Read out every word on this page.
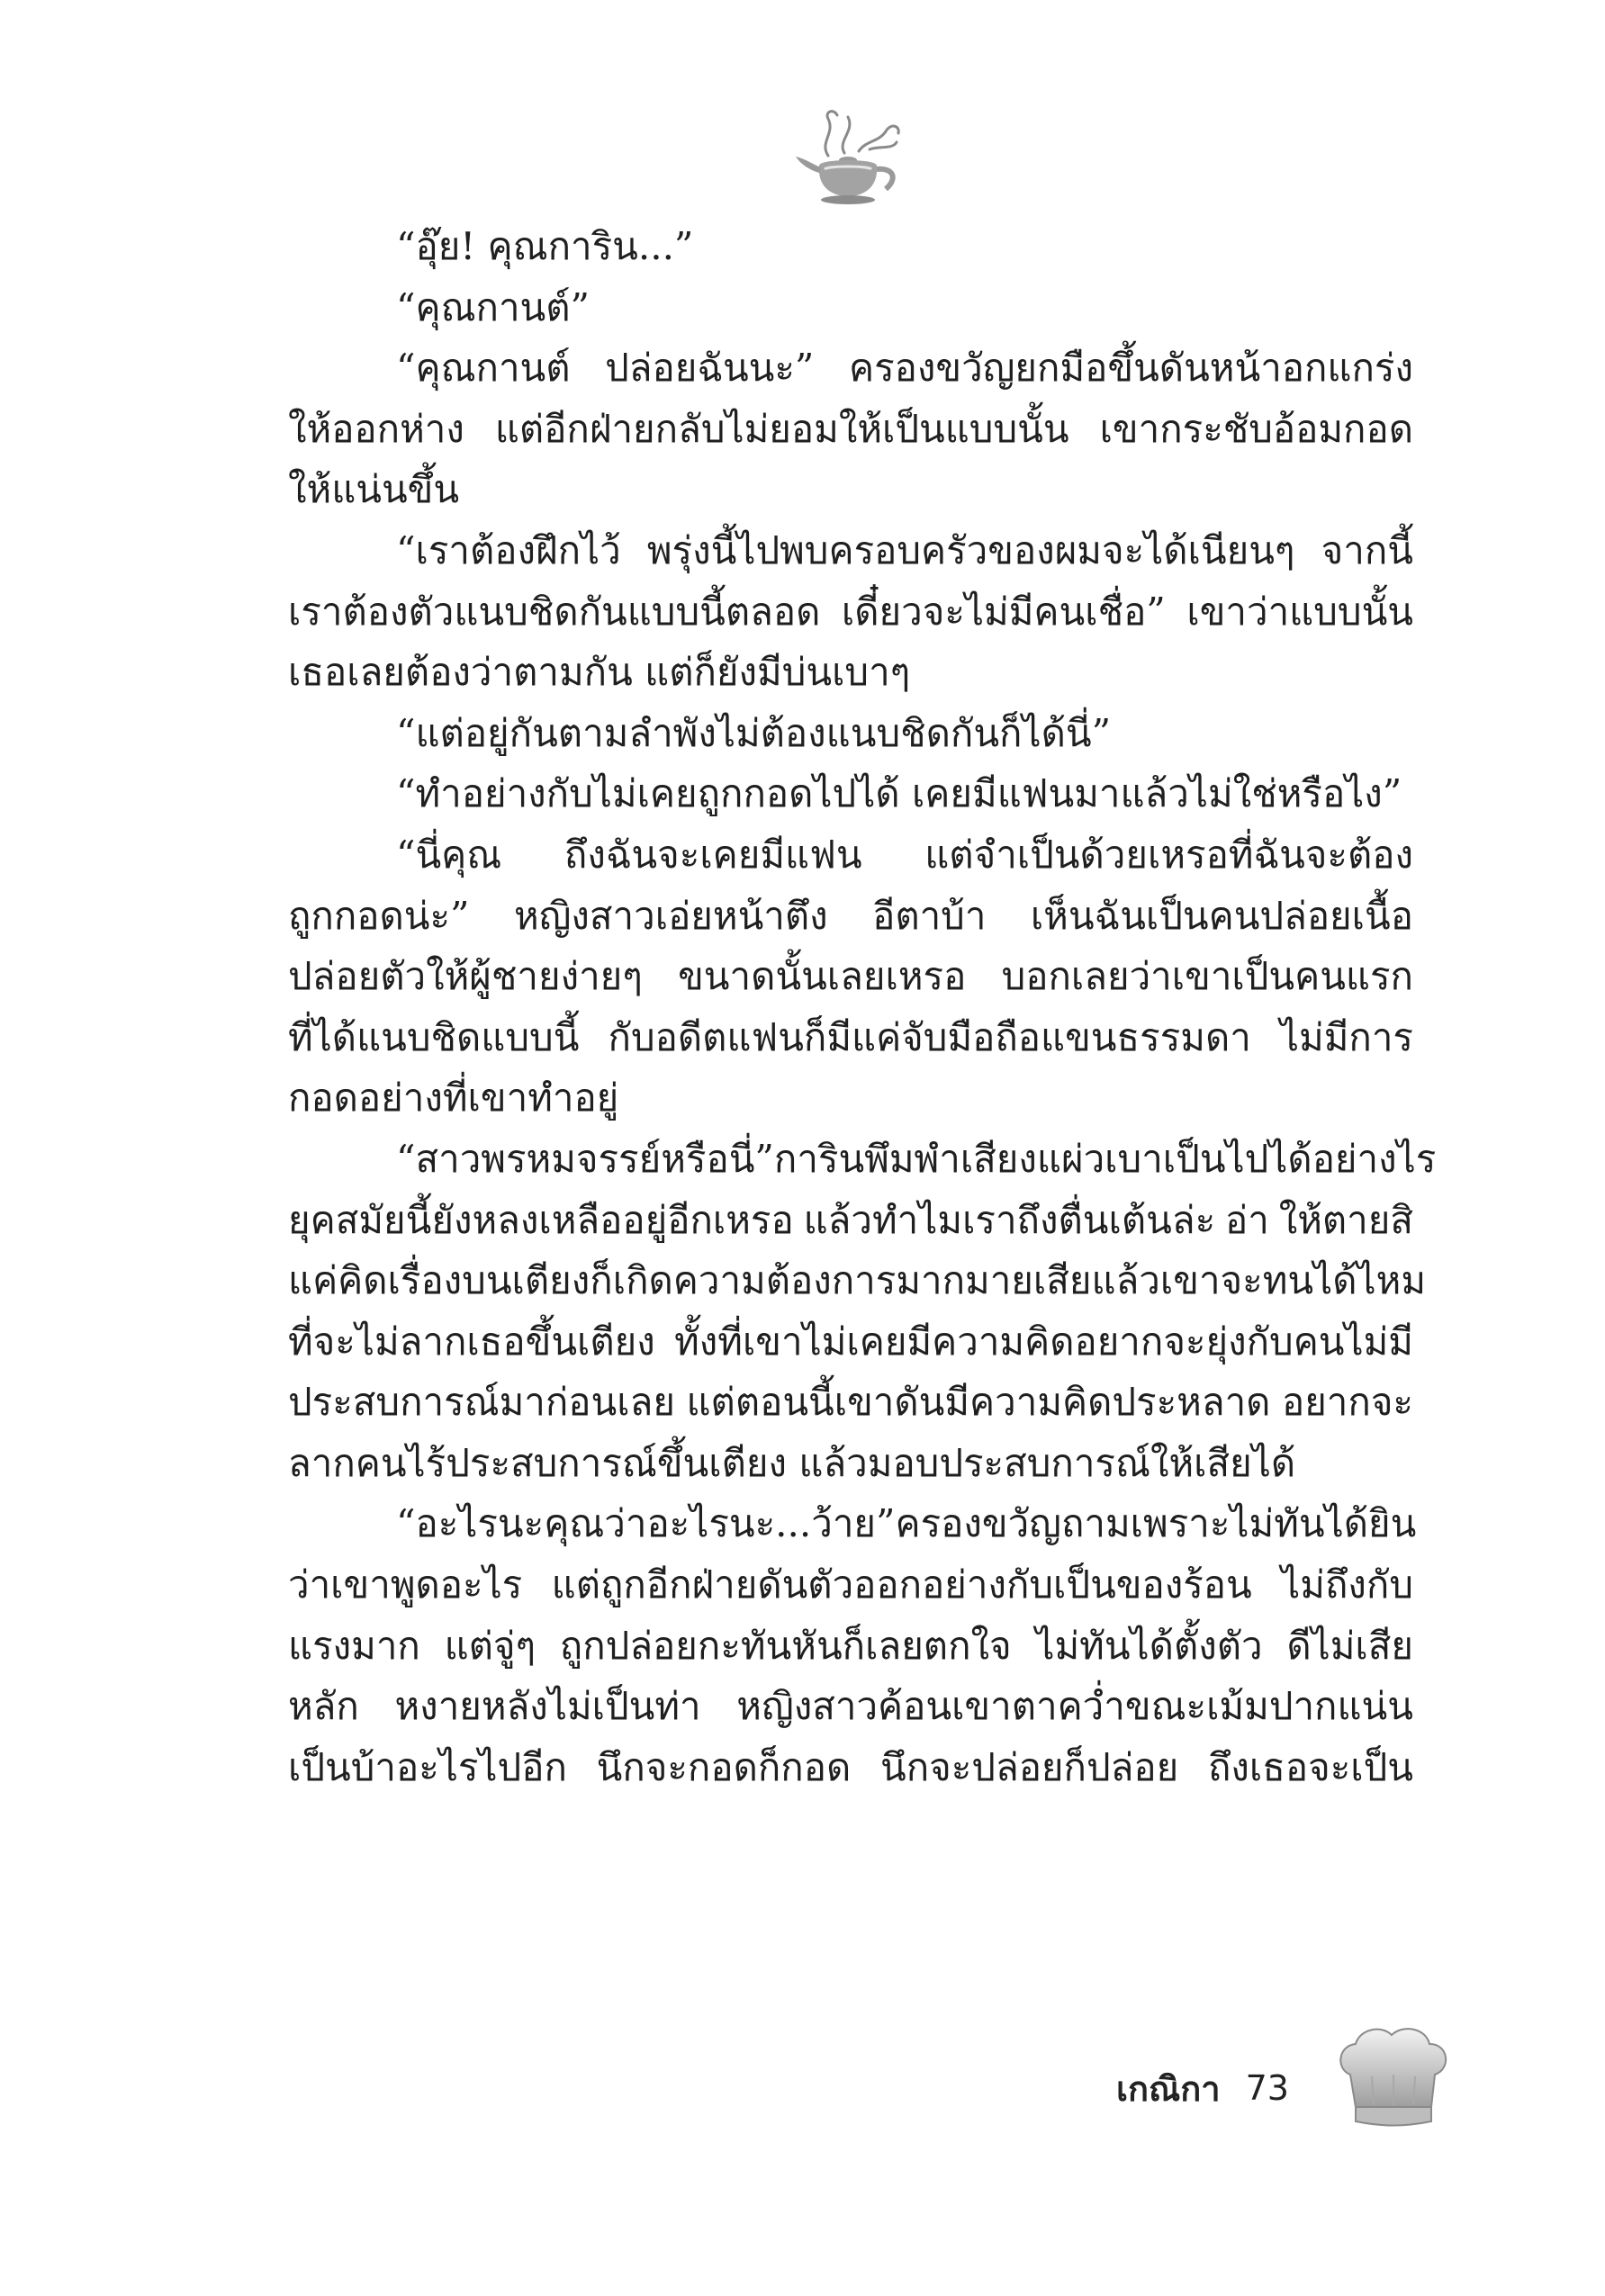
“อุ๊ย! คุณการิน...”
“คุณกานต์”
“คุณกานต์ ปล่อยฉันนะ” ครองขวัญยกมือขึ้นดันหน้าอกแกร่ง
ให้ออกห่าง แต่อีกฝ่ายกลับไม่ยอมให้เป็นแบบนั้น เขากระชับอ้อมกอด
ให้แน่นขึ้น
“เราต้องฝึกไว้ พรุ่งนี้ไปพบครอบครัวของผมจะได้เนียนๆ จากนี้
เราต้องตัวแนบชิดกันแบบนี้ตลอด เดี๋ยวจะไม่มีคนเชื่อ” เขาว่าแบบนั้น
เธอเลยต้องว่าตามกัน แต่ก็ยังมีบ่นเบาๆ
“แต่อยู่กันตามลำพังไม่ต้องแนบชิดกันก็ได้นี่”
“ทำอย่างกับไม่เคยถูกกอดไปได้ เคยมีแฟนมาแล้วไม่ใช่หรือไง”
“นี่คุณ ถึงฉันจะเคยมีแฟน แต่จำเป็นด้วยเหรอที่ฉันจะต้อง
ถูกกอดน่ะ” หญิงสาวเอ่ยหน้าตึง อีตาบ้า เห็นฉันเป็นคนปล่อยเนื้อ
ปล่อยตัวให้ผู้ชายง่ายๆ ขนาดนั้นเลยเหรอ บอกเลยว่าเขาเป็นคนแรก
ที่ได้แนบชิดแบบนี้ กับอดีตแฟนก็มีแค่จับมือถือแขนธรรมดา ไม่มีการ
กอดอย่างที่เขาทำอยู่
“สาวพรหมจรรย์หรือนี่” การินพึมพำเสียงแผ่วเบา เป็นไปได้อย่างไร
ยุคสมัยนี้ยังหลงเหลืออยู่อีกเหรอ แล้วทำไมเราถึงตื่นเต้นล่ะ อ่า ให้ตายสิ
แค่คิดเรื่องบนเตียงก็เกิดความต้องการมากมายเสียแล้ว เขาจะทนได้ไหม
ที่จะไม่ลากเธอขึ้นเตียง ทั้งที่เขาไม่เคยมีความคิดอยากจะยุ่งกับคนไม่มี
ประสบการณ์มาก่อนเลย แต่ตอนนี้เขาดันมีความคิดประหลาด อยากจะ
ลากคนไร้ประสบการณ์ขึ้นเตียง แล้วมอบประสบการณ์ให้เสียได้
“อะไรนะ คุณว่าอะไรนะ...ว้าย” ครองขวัญถามเพราะไม่ทันได้ยิน
ว่าเขาพูดอะไร แต่ถูกอีกฝ่ายดันตัวออกอย่างกับเป็นของร้อน ไม่ถึงกับ
แรงมาก แต่จู่ๆ ถูกปล่อยกะทันหันก็เลยตกใจ ไม่ทันได้ตั้งตัว ดีไม่เสีย
หลัก หงายหลังไม่เป็นท่า หญิงสาวค้อนเขาตาคว่ำขณะเม้มปากแน่น
เป็นบ้าอะไรไปอีก นึกจะกอดก็กอด นึกจะปล่อยก็ปล่อย ถึงเธอจะเป็น
เกณิกา 73
